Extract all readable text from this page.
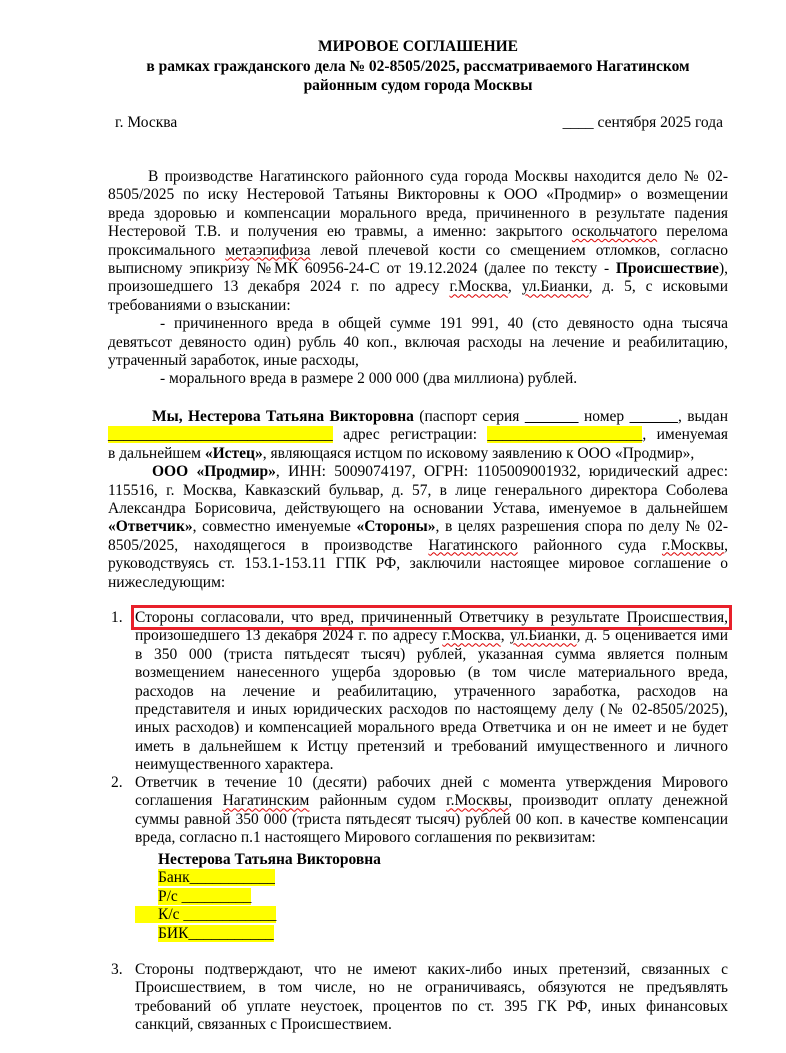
МИРОВОЕ СОГЛАШЕНИЕ
в рамках гражданского дела № 02-8505/2025, рассматриваемого Нагатинском
районным судом города Москвы
г. Москва	____ сентября 2025 года
В производстве Нагатинского районного суда города Москвы находится дело № 02-
8505/2025 по иску Нестеровой Татьяны Викторовны к ООО «Продмир» о возмещении
вреда здоровью и компенсации морального вреда, причиненного в результате падения
Нестеровой Т.В. и получения ею травмы, а именно: закрытого оскольчатого перелома
проксимального метаэпифиза левой плечевой кости со смещением отломков, согласно
выписному эпикризу №МК 60956-24-С от 19.12.2024 (далее по тексту - Происшествие),
произошедшего 13 декабря 2024 г. по адресу г.Москва, ул.Бианки, д. 5, с исковыми
требованиями о взыскании:
- причиненного вреда в общей сумме 191 991, 40 (сто девяносто одна тысяча
девятьсот девяносто один) рубль 40 коп., включая расходы на лечение и реабилитацию,
утраченный заработок, иные расходы,
- морального вреда в размере 2 000 000 (два миллиона) рублей.
Мы, Нестерова Татьяна Викторовна (паспорт серия	номер	, выдан
_____________________________ адрес регистрации: ____________________, именуемая
в дальнейшем «Истец», являющаяся истцом по исковому заявлению к ООО «Продмир»,
ООО «Продмир», ИНН: 5009074197, ОГРН: 1105009001932, юридический адрес:
115516, г. Москва, Кавказский бульвар, д. 57, в лице генерального директора Соболева
Александра Борисовича, действующего на основании Устава, именуемое в дальнейшем
«Ответчик», совместно именуемые «Стороны», в целях разрешения спора по делу № 02-
8505/2025, находящегося в производстве Нагатинского районного суда г.Москвы,
руководствуясь ст. 153.1-153.11 ГПК РФ, заключили настоящее мировое соглашение о
нижеследующим:
1. Стороны согласовали, что вред, причиненный Ответчику в результате Происшествия,
произошедшего 13 декабря 2024 г. по адресу г.Москва, ул.Бианки, д. 5 оценивается ими
в 350 000 (триста пятьдесят тысяч) рублей, указанная сумма является полным
возмещением нанесенного ущерба здоровью (в том числе материального вреда,
расходов на лечение и реабилитацию, утраченного заработка, расходов на
представителя и иных юридических расходов по настоящему делу (№ 02-8505/2025),
иных расходов) и компенсацией морального вреда Ответчика и он не имеет и не будет
иметь в дальнейшем к Истцу претензий и требований имущественного и личного
неимущественного характера.
2. Ответчик в течение 10 (десяти) рабочих дней с момента утверждения Мирового
соглашения Нагатинским районным судом г.Москвы, производит оплату денежной
суммы равной 350 000 (триста пятьдесят тысяч) рублей 00 коп. в качестве компенсации
вреда, согласно п.1 настоящего Мирового соглашения по реквизитам:
Нестерова Татьяна Викторовна
Банк___________
Р/с _________
К/с ____________
БИК___________
3. Стороны подтверждают, что не имеют каких-либо иных претензий, связанных с
Происшествием, в том числе, но не ограничиваясь, обязуются не предъявлять
требований об уплате неустоек, процентов по ст. 395 ГК РФ, иных финансовых
санкций, связанных с Происшествием.
